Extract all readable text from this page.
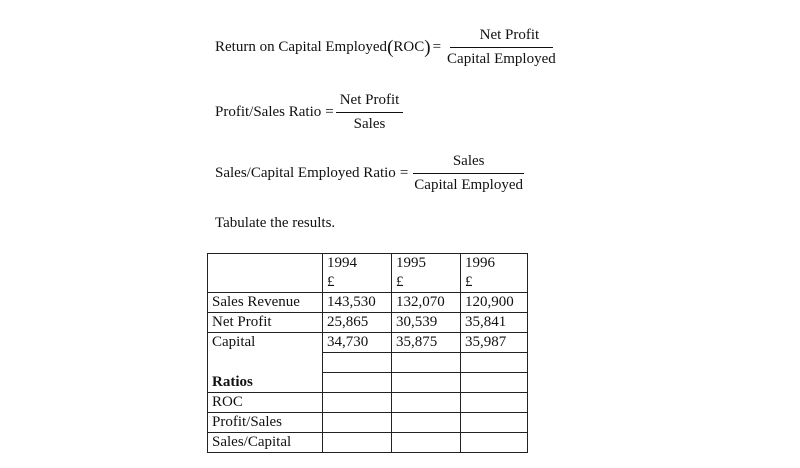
Return on Capital Employed ( ROC ) = $\frac{\text{Net Profit}}{\text{Capital Employed}}$
Profit/Sales Ratio = $\frac{\text{Net Profit}}{\text{Sales}}$
Sales/Capital Employed Ratio = $\frac{\text{Sales}}{\text{Capital Employed}}$
Tabulate the results.
	1994	1995	1996
	£	£	£
Sales Revenue	143,530	132,070	120,900
Net Profit	25,865	30,539	35,841
Capital	34,730	35,875	35,987

Ratios			
ROC			
Profit/Sales			
Sales/Capital			
